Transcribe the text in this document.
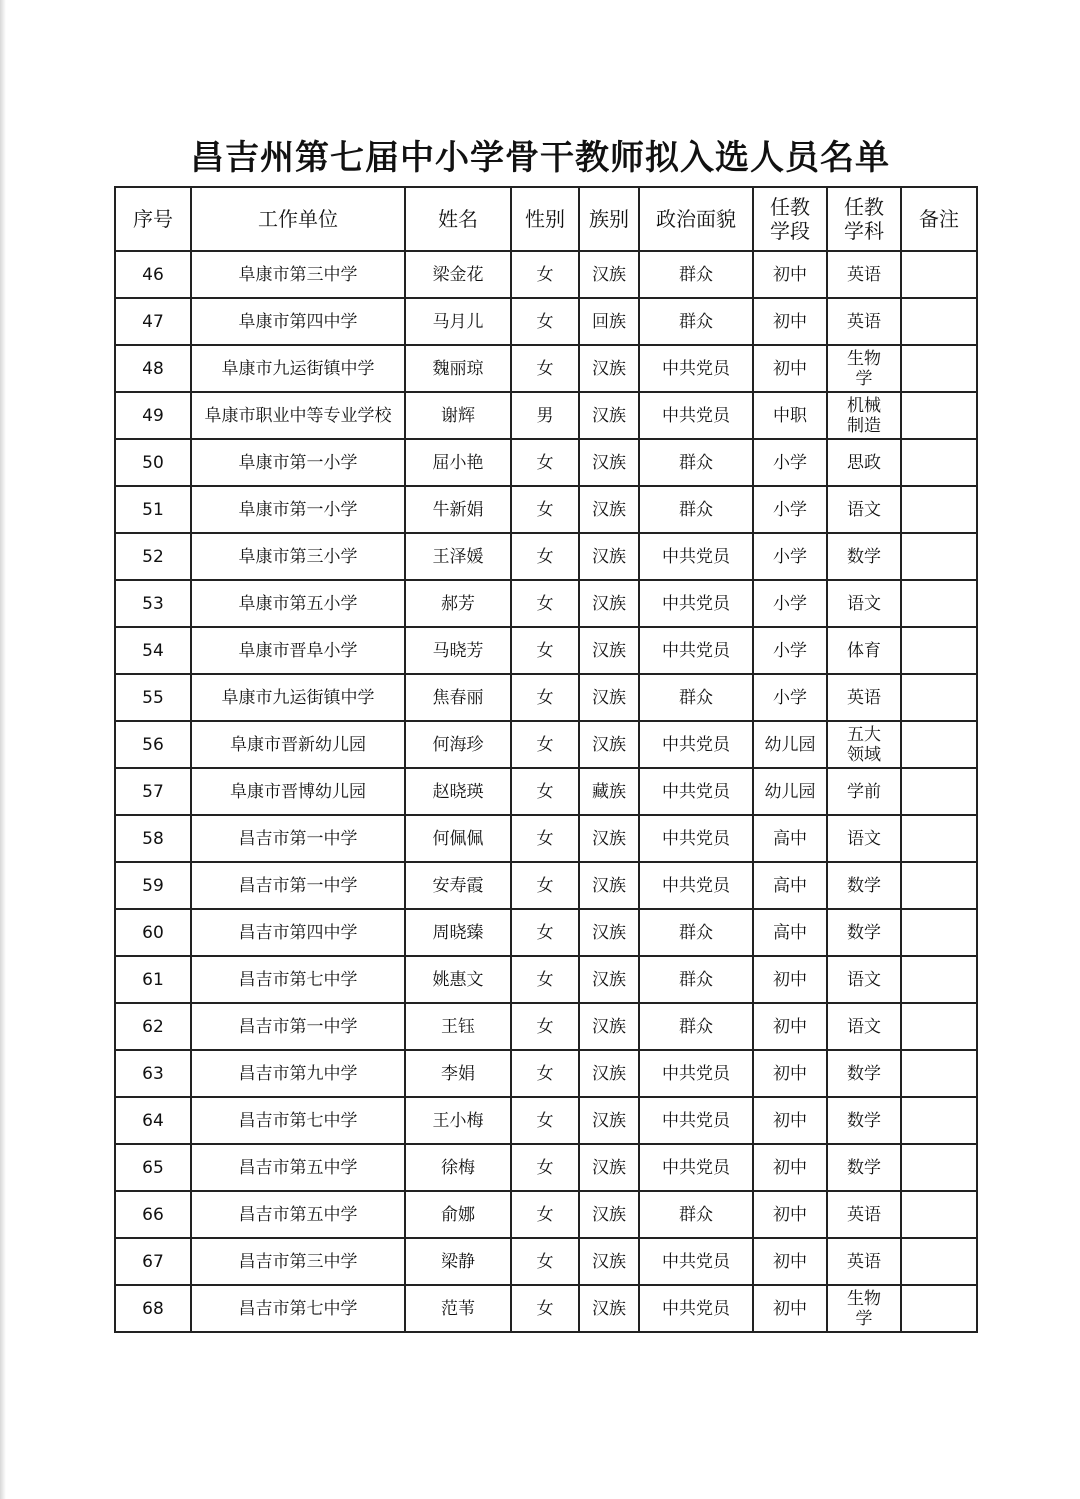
昌吉州第七届中小学骨干教师拟入选人员名单
序号	工作单位	姓名	性别	族别	政治面貌	任教学段	任教学科	备注
46	阜康市第三中学	梁金花	女	汉族	群众	初中	英语	
47	阜康市第四中学	马月儿	女	回族	群众	初中	英语	
48	阜康市九运街镇中学	魏丽琼	女	汉族	中共党员	初中	生物学	
49	阜康市职业中等专业学校	谢辉	男	汉族	中共党员	中职	机械制造	
50	阜康市第一小学	屈小艳	女	汉族	群众	小学	思政	
51	阜康市第一小学	牛新娟	女	汉族	群众	小学	语文	
52	阜康市第三小学	王泽媛	女	汉族	中共党员	小学	数学	
53	阜康市第五小学	郝芳	女	汉族	中共党员	小学	语文	
54	阜康市晋阜小学	马晓芳	女	汉族	中共党员	小学	体育	
55	阜康市九运街镇中学	焦春丽	女	汉族	群众	小学	英语	
56	阜康市晋新幼儿园	何海珍	女	汉族	中共党员	幼儿园	五大领域	
57	阜康市晋博幼儿园	赵晓瑛	女	藏族	中共党员	幼儿园	学前	
58	昌吉市第一中学	何佩佩	女	汉族	中共党员	高中	语文	
59	昌吉市第一中学	安寿霞	女	汉族	中共党员	高中	数学	
60	昌吉市第四中学	周晓臻	女	汉族	群众	高中	数学	
61	昌吉市第七中学	姚惠文	女	汉族	群众	初中	语文	
62	昌吉市第一中学	王钰	女	汉族	群众	初中	语文	
63	昌吉市第九中学	李娟	女	汉族	中共党员	初中	数学	
64	昌吉市第七中学	王小梅	女	汉族	中共党员	初中	数学	
65	昌吉市第五中学	徐梅	女	汉族	中共党员	初中	数学	
66	昌吉市第五中学	俞娜	女	汉族	群众	初中	英语	
67	昌吉市第三中学	梁静	女	汉族	中共党员	初中	英语	
68	昌吉市第七中学	范苇	女	汉族	中共党员	初中	生物学	
